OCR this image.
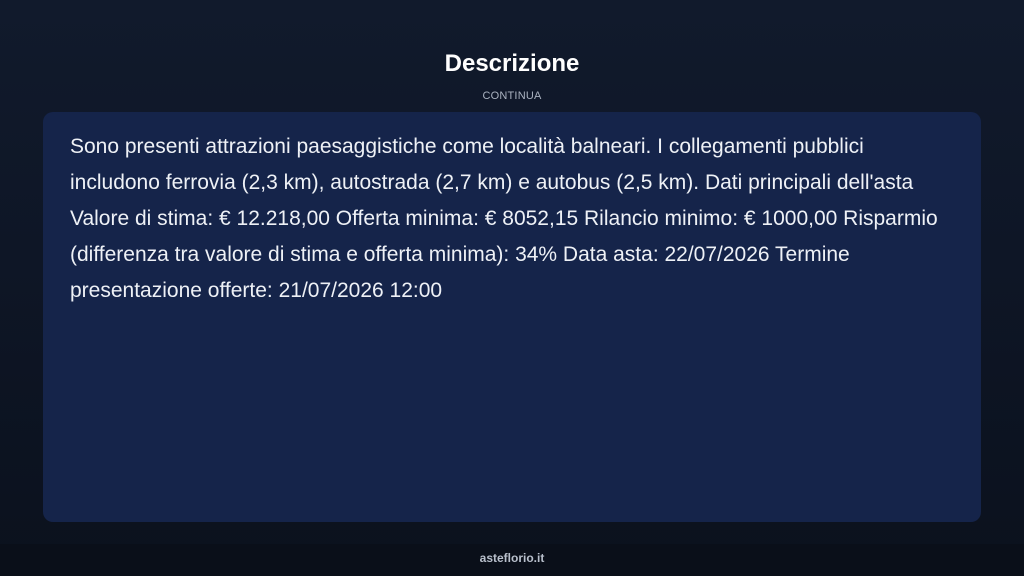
Descrizione
CONTINUA

Sono presenti attrazioni paesaggistiche come località balneari. I collegamenti pubblici includono ferrovia (2,3 km), autostrada (2,7 km) e autobus (2,5 km). Dati principali dell'asta Valore di stima: € 12.218,00 Offerta minima: € 8052,15 Rilancio minimo: € 1000,00 Risparmio (differenza tra valore di stima e offerta minima): 34% Data asta: 22/07/2026 Termine presentazione offerte: 21/07/2026 12:00

asteflorio.it
